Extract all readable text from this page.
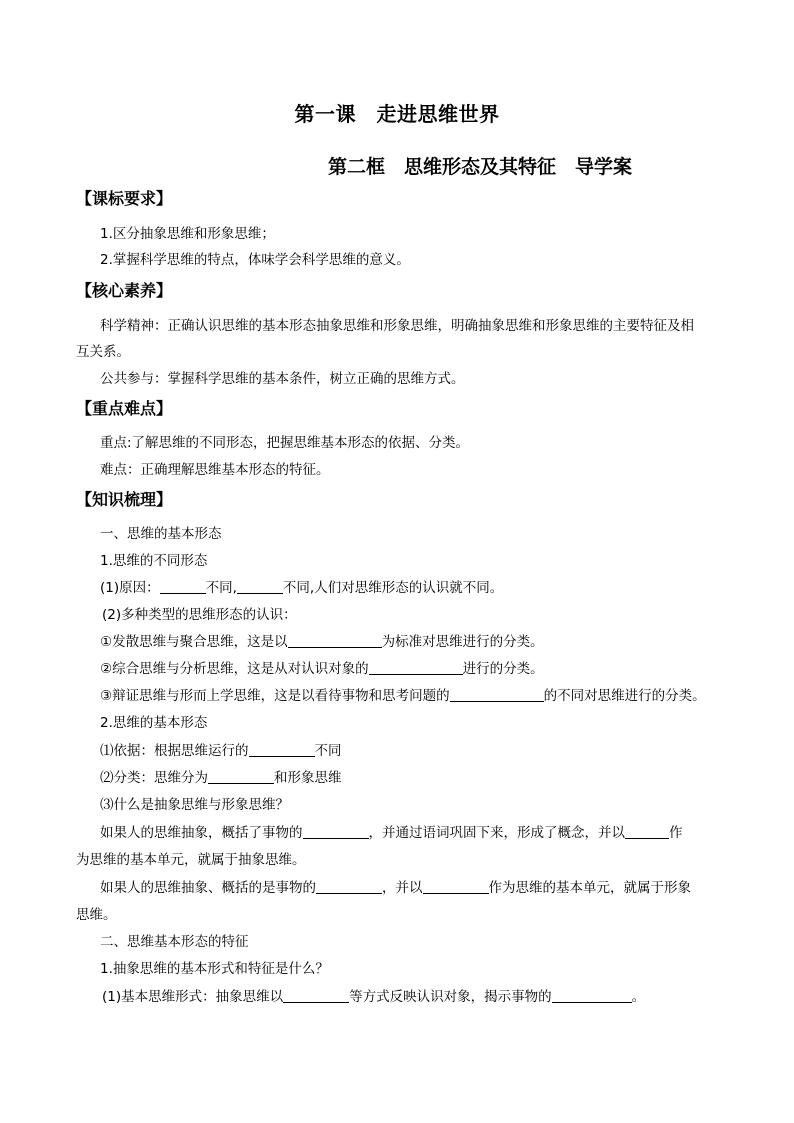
第一课　走进思维世界
第二框　思维形态及其特征　导学案
【课标要求】
1.区分抽象思维和形象思维；
2.掌握科学思维的特点，体味学会科学思维的意义。
【核心素养】
科学精神：正确认识思维的基本形态抽象思维和形象思维，明确抽象思维和形象思维的主要特征及相
互关系。
公共参与：掌握科学思维的基本条件，树立正确的思维方式。
【重点难点】
重点:了解思维的不同形态，把握思维基本形态的依据、分类。
难点：正确理解思维基本形态的特征。
【知识梳理】
一、思维的基本形态
1.思维的不同形态
(1)原因：	不同,	不同,人们对思维形态的认识就不同。
(2)多种类型的思维形态的认识：
①发散思维与聚合思维，这是以	为标准对思维进行的分类。
②综合思维与分析思维，这是从对认识对象的	进行的分类。
③辩证思维与形而上学思维，这是以看待事物和思考问题的	的不同对思维进行的分类。
2.思维的基本形态
⑴依据：根据思维运行的	不同
⑵分类：思维分为	和形象思维
⑶什么是抽象思维与形象思维？
如果人的思维抽象，概括了事物的	，并通过语词巩固下来，形成了概念，并以	作
为思维的基本单元，就属于抽象思维。
如果人的思维抽象、概括的是事物的	，并以	作为思维的基本单元，就属于形象
思维。
二、思维基本形态的特征
1.抽象思维的基本形式和特征是什么？
(1)基本思维形式：抽象思维以	等方式反映认识对象，揭示事物的	。
